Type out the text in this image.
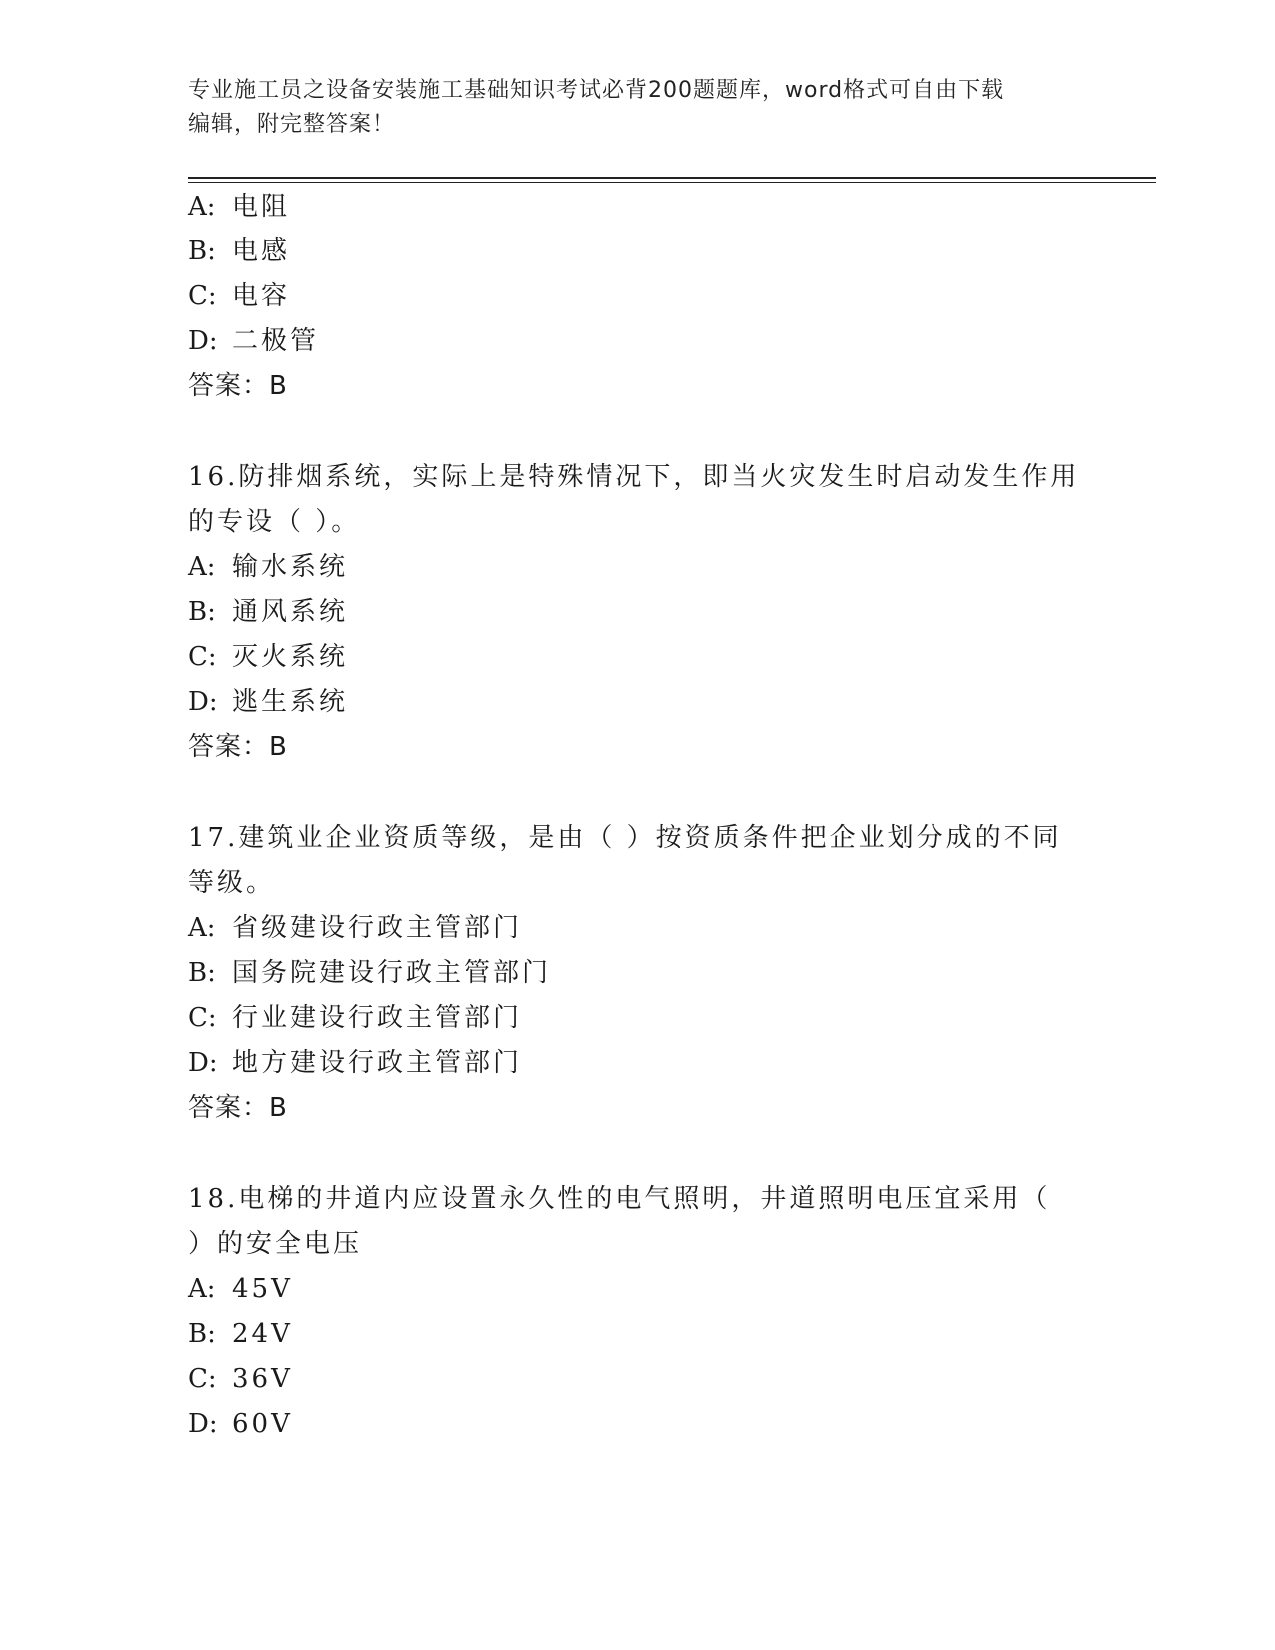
专业施工员之设备安装施工基础知识考试必背200题题库，word格式可自由下载
编辑，附完整答案！
A: 电阻
B: 电感
C: 电容
D: 二极管
答案：B
16.防排烟系统，实际上是特殊情况下，即当火灾发生时启动发生作用
的专设（ ）。
A: 输水系统
B: 通风系统
C: 灭火系统
D: 逃生系统
答案：B
17.建筑业企业资质等级，是由（ ）按资质条件把企业划分成的不同
等级。
A: 省级建设行政主管部门
B: 国务院建设行政主管部门
C: 行业建设行政主管部门
D: 地方建设行政主管部门
答案：B
18.电梯的井道内应设置永久性的电气照明，井道照明电压宜采用（
）的安全电压
A: 45V
B: 24V
C: 36V
D: 60V
